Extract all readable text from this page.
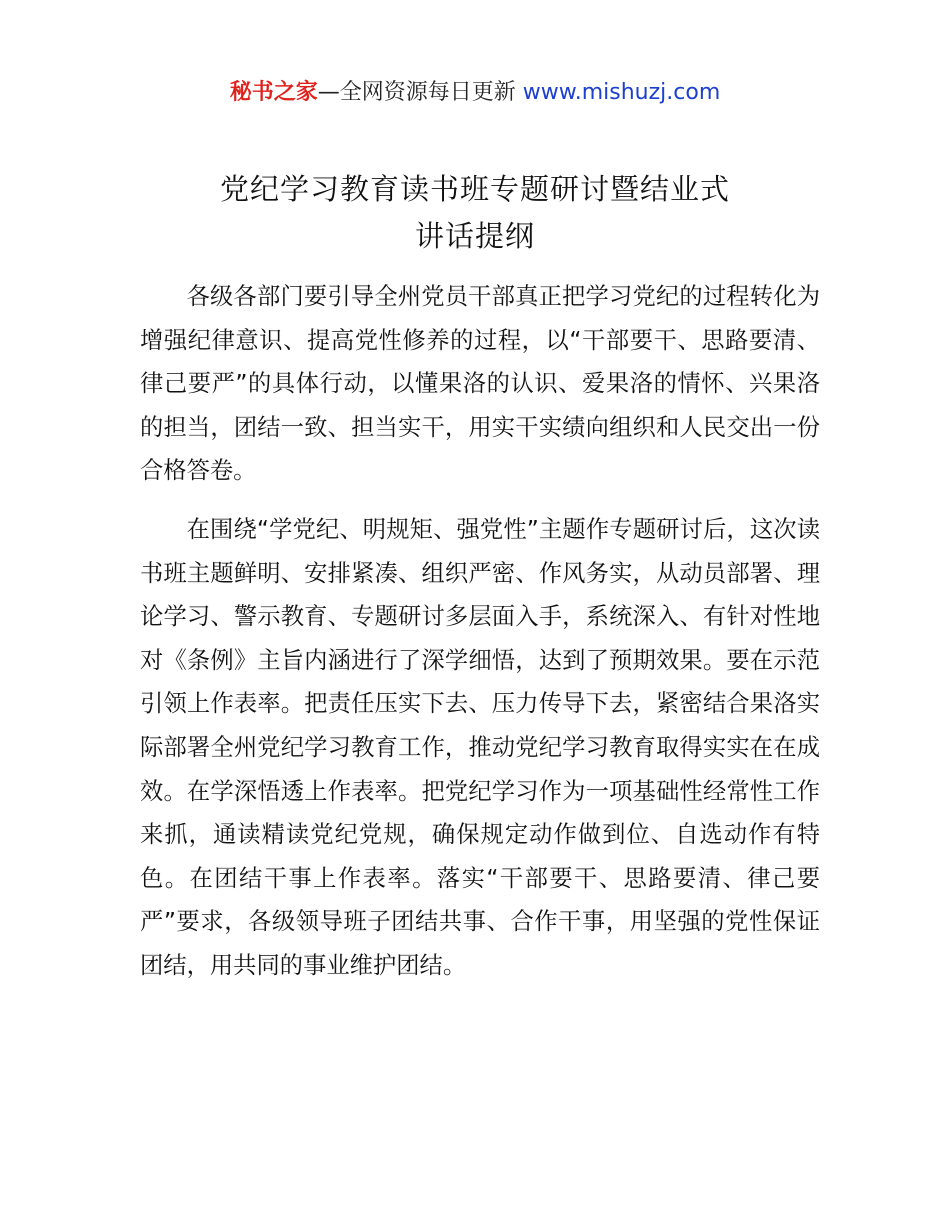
秘书之家—全网资源每日更新 www.mishuzj.com
党纪学习教育读书班专题研讨暨结业式
讲话提纲

各级各部门要引导全州党员干部真正把学习党纪的过程转化为增强纪律意识、提高党性修养的过程，以“干部要干、思路要清、律己要严”的具体行动，以懂果洛的认识、爱果洛的情怀、兴果洛的担当，团结一致、担当实干，用实干实绩向组织和人民交出一份合格答卷。

在围绕“学党纪、明规矩、强党性”主题作专题研讨后，这次读书班主题鲜明、安排紧凑、组织严密、作风务实，从动员部署、理论学习、警示教育、专题研讨多层面入手，系统深入、有针对性地对《条例》主旨内涵进行了深学细悟，达到了预期效果。要在示范引领上作表率。把责任压实下去、压力传导下去，紧密结合果洛实际部署全州党纪学习教育工作，推动党纪学习教育取得实实在在成效。在学深悟透上作表率。把党纪学习作为一项基础性经常性工作来抓，通读精读党纪党规，确保规定动作做到位、自选动作有特色。在团结干事上作表率。落实“干部要干、思路要清、律己要严”要求，各级领导班子团结共事、合作干事，用坚强的党性保证团结，用共同的事业维护团结。
